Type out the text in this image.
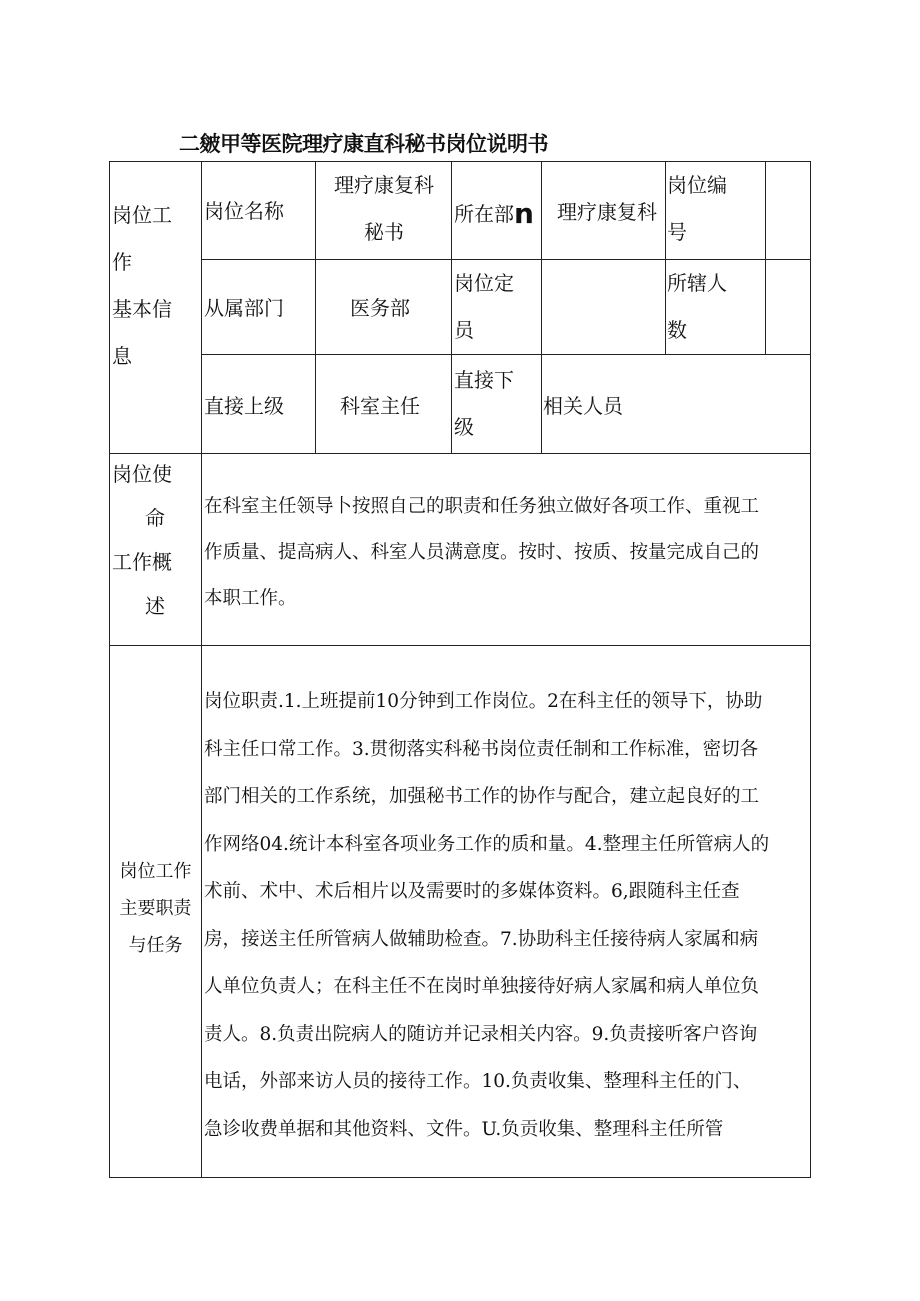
二皴甲等医院理疗康直科秘书岗位说明书
岗位工
作
基本信
息
岗位名称
理疗康复科
秘书
所在部n 理疗康复科
岗位编
号
从属部门	医务部
岗位定
员
所辖人
数
直接上级	科室主任
直接下
级
相关人员
岗位使
命
工作概
述
在科室主任领导卜按照自己的职责和任务独立做好各项工作、重视工
作质量、提高病人、科室人员满意度。按时、按质、按量完成自己的
本职工作。
岗位工作
主要职责
与任务
岗位职责.1.上班提前10分钟到工作岗位。2在科主任的领导下，协助
科主任口常工作。3.贯彻落实科秘书岗位责任制和工作标准，密切各
部门相关的工作系统，加强秘书工作的协作与配合，建立起良好的工
作网络04.统计本科室各项业务工作的质和量。4.整理主任所管病人的
术前、术中、术后相片以及需要时的多媒体资料。6,跟随科主任查
房，接送主任所管病人做辅助检查。7.协助科主任接待病人家属和病
人单位负责人；在科主任不在岗时单独接待好病人家属和病人单位负
责人。8.负责出院病人的随访并记录相关内容。9.负责接听客户咨询
电话，外部来访人员的接待工作。10.负责收集、整理科主任的门、
急诊收费单据和其他资料、文件。U.负贡收集、整理科主任所管
